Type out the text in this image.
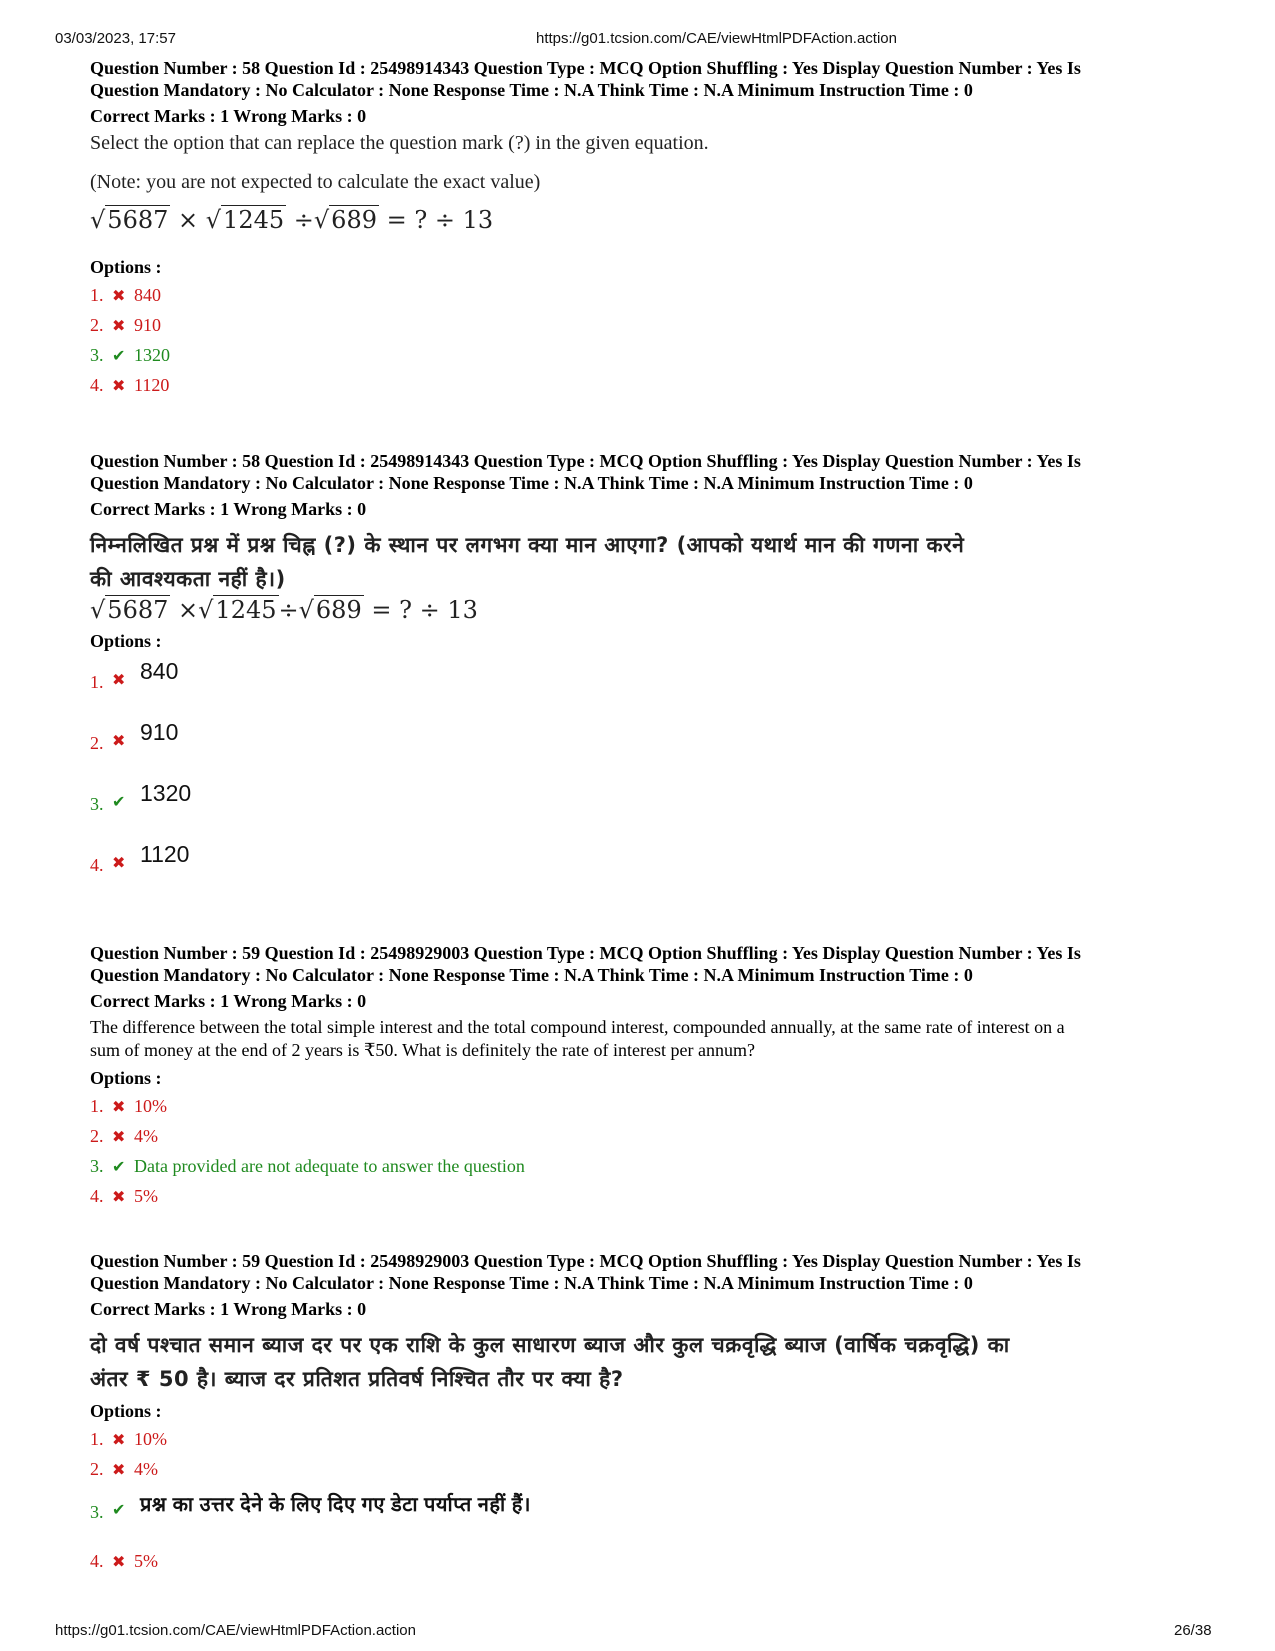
03/03/2023, 17:57	https://g01.tcsion.com/CAE/viewHtmlPDFAction.action
Question Number : 58 Question Id : 25498914343 Question Type : MCQ Option Shuffling : Yes Display Question Number : Yes Is
Question Mandatory : No Calculator : None Response Time : N.A Think Time : N.A Minimum Instruction Time : 0
Correct Marks : 1 Wrong Marks : 0
Select the option that can replace the question mark (?) in the given equation.
(Note: you are not expected to calculate the exact value)
√5687 × √1245 ÷√689 = ? ÷ 13
Options :
1. ✖ 840
2. ✖ 910
3. ✔ 1320
4. ✖ 1120
Question Number : 58 Question Id : 25498914343 Question Type : MCQ Option Shuffling : Yes Display Question Number : Yes Is
Question Mandatory : No Calculator : None Response Time : N.A Think Time : N.A Minimum Instruction Time : 0
Correct Marks : 1 Wrong Marks : 0
निम्नलिखित प्रश्न में प्रश्न चिह्न (?) के स्थान पर लगभग क्या मान आएगा? (आपको यथार्थ मान की गणना करने
की आवश्यकता नहीं है।)
√5687 ×√1245÷√689 = ? ÷ 13
Options :
1. ✖ 840
2. ✖ 910
3. ✔ 1320
4. ✖ 1120
Question Number : 59 Question Id : 25498929003 Question Type : MCQ Option Shuffling : Yes Display Question Number : Yes Is
Question Mandatory : No Calculator : None Response Time : N.A Think Time : N.A Minimum Instruction Time : 0
Correct Marks : 1 Wrong Marks : 0
The difference between the total simple interest and the total compound interest, compounded annually, at the same rate of interest on a
sum of money at the end of 2 years is ₹50. What is definitely the rate of interest per annum?
Options :
1. ✖ 10%
2. ✖ 4%
3. ✔ Data provided are not adequate to answer the question
4. ✖ 5%
Question Number : 59 Question Id : 25498929003 Question Type : MCQ Option Shuffling : Yes Display Question Number : Yes Is
Question Mandatory : No Calculator : None Response Time : N.A Think Time : N.A Minimum Instruction Time : 0
Correct Marks : 1 Wrong Marks : 0
दो वर्ष पश्चात समान ब्याज दर पर एक राशि के कुल साधारण ब्याज और कुल चक्रवृद्धि ब्याज (वार्षिक चक्रवृद्धि) का
अंतर ₹ 50 है। ब्याज दर प्रतिशत प्रतिवर्ष निश्चित तौर पर क्या है?
Options :
1. ✖ 10%
2. ✖ 4%
3. ✔ प्रश्न का उत्तर देने के लिए दिए गए डेटा पर्याप्त नहीं हैं।
4. ✖ 5%
https://g01.tcsion.com/CAE/viewHtmlPDFAction.action	26/38
